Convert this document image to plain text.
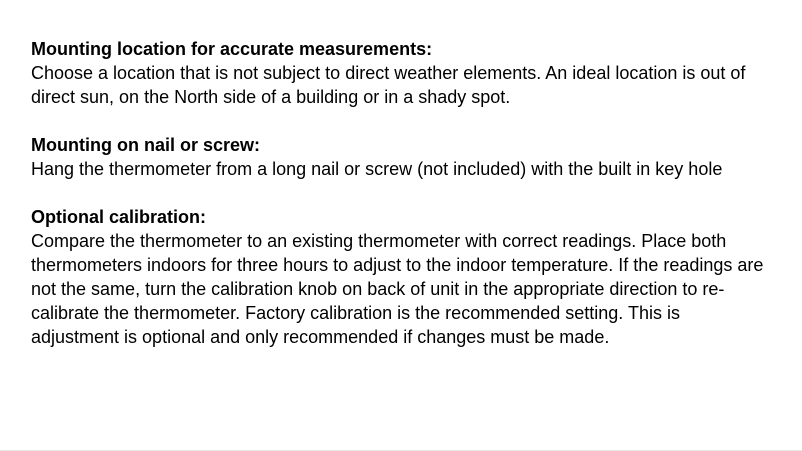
Mounting location for accurate measurements:

Choose a location that is not subject to direct weather elements. An ideal location is out of direct sun, on the North side of a building or in a shady spot.

Mounting on nail or screw:

Hang the thermometer from a long nail or screw (not included) with the built in key hole

Optional calibration:

Compare the thermometer to an existing thermometer with correct readings. Place both thermometers indoors for three hours to adjust to the indoor temperature. If the readings are not the same, turn the calibration knob on back of unit in the appropriate direction to re-calibrate the thermometer. Factory calibration is the recommended setting. This is adjustment is optional and only recommended if changes must be made.
